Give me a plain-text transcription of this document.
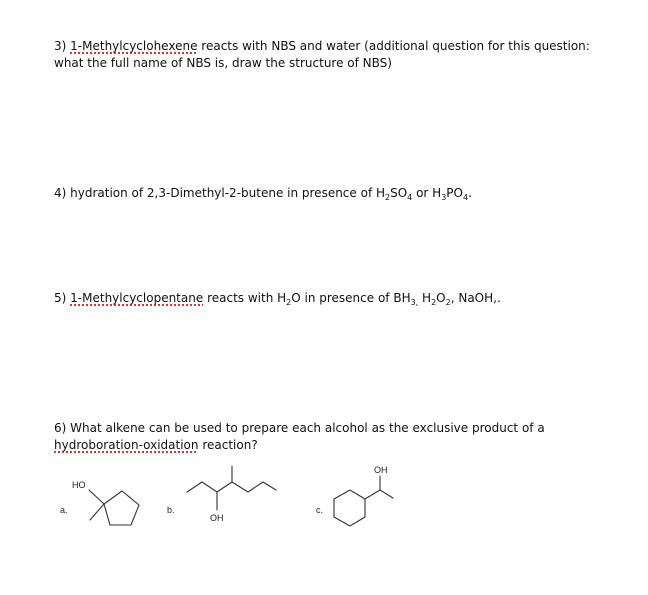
3) 1-Methylcyclohexene reacts with NBS and water (additional question for this question:
what the full name of NBS is, draw the structure of NBS)
4) hydration of 2,3-Dimethyl-2-butene in presence of $H_2SO_4$ or $H_3PO_4$.
5) 1-Methylcyclopentane reacts with $H_2O$ in presence of $BH_{3,}$ $H_2O_2$, NaOH,.
6) What alkene can be used to prepare each alcohol as the exclusive product of a
hydroboration-oxidation reaction?
HO
a.	b.
OH
c.
OH
